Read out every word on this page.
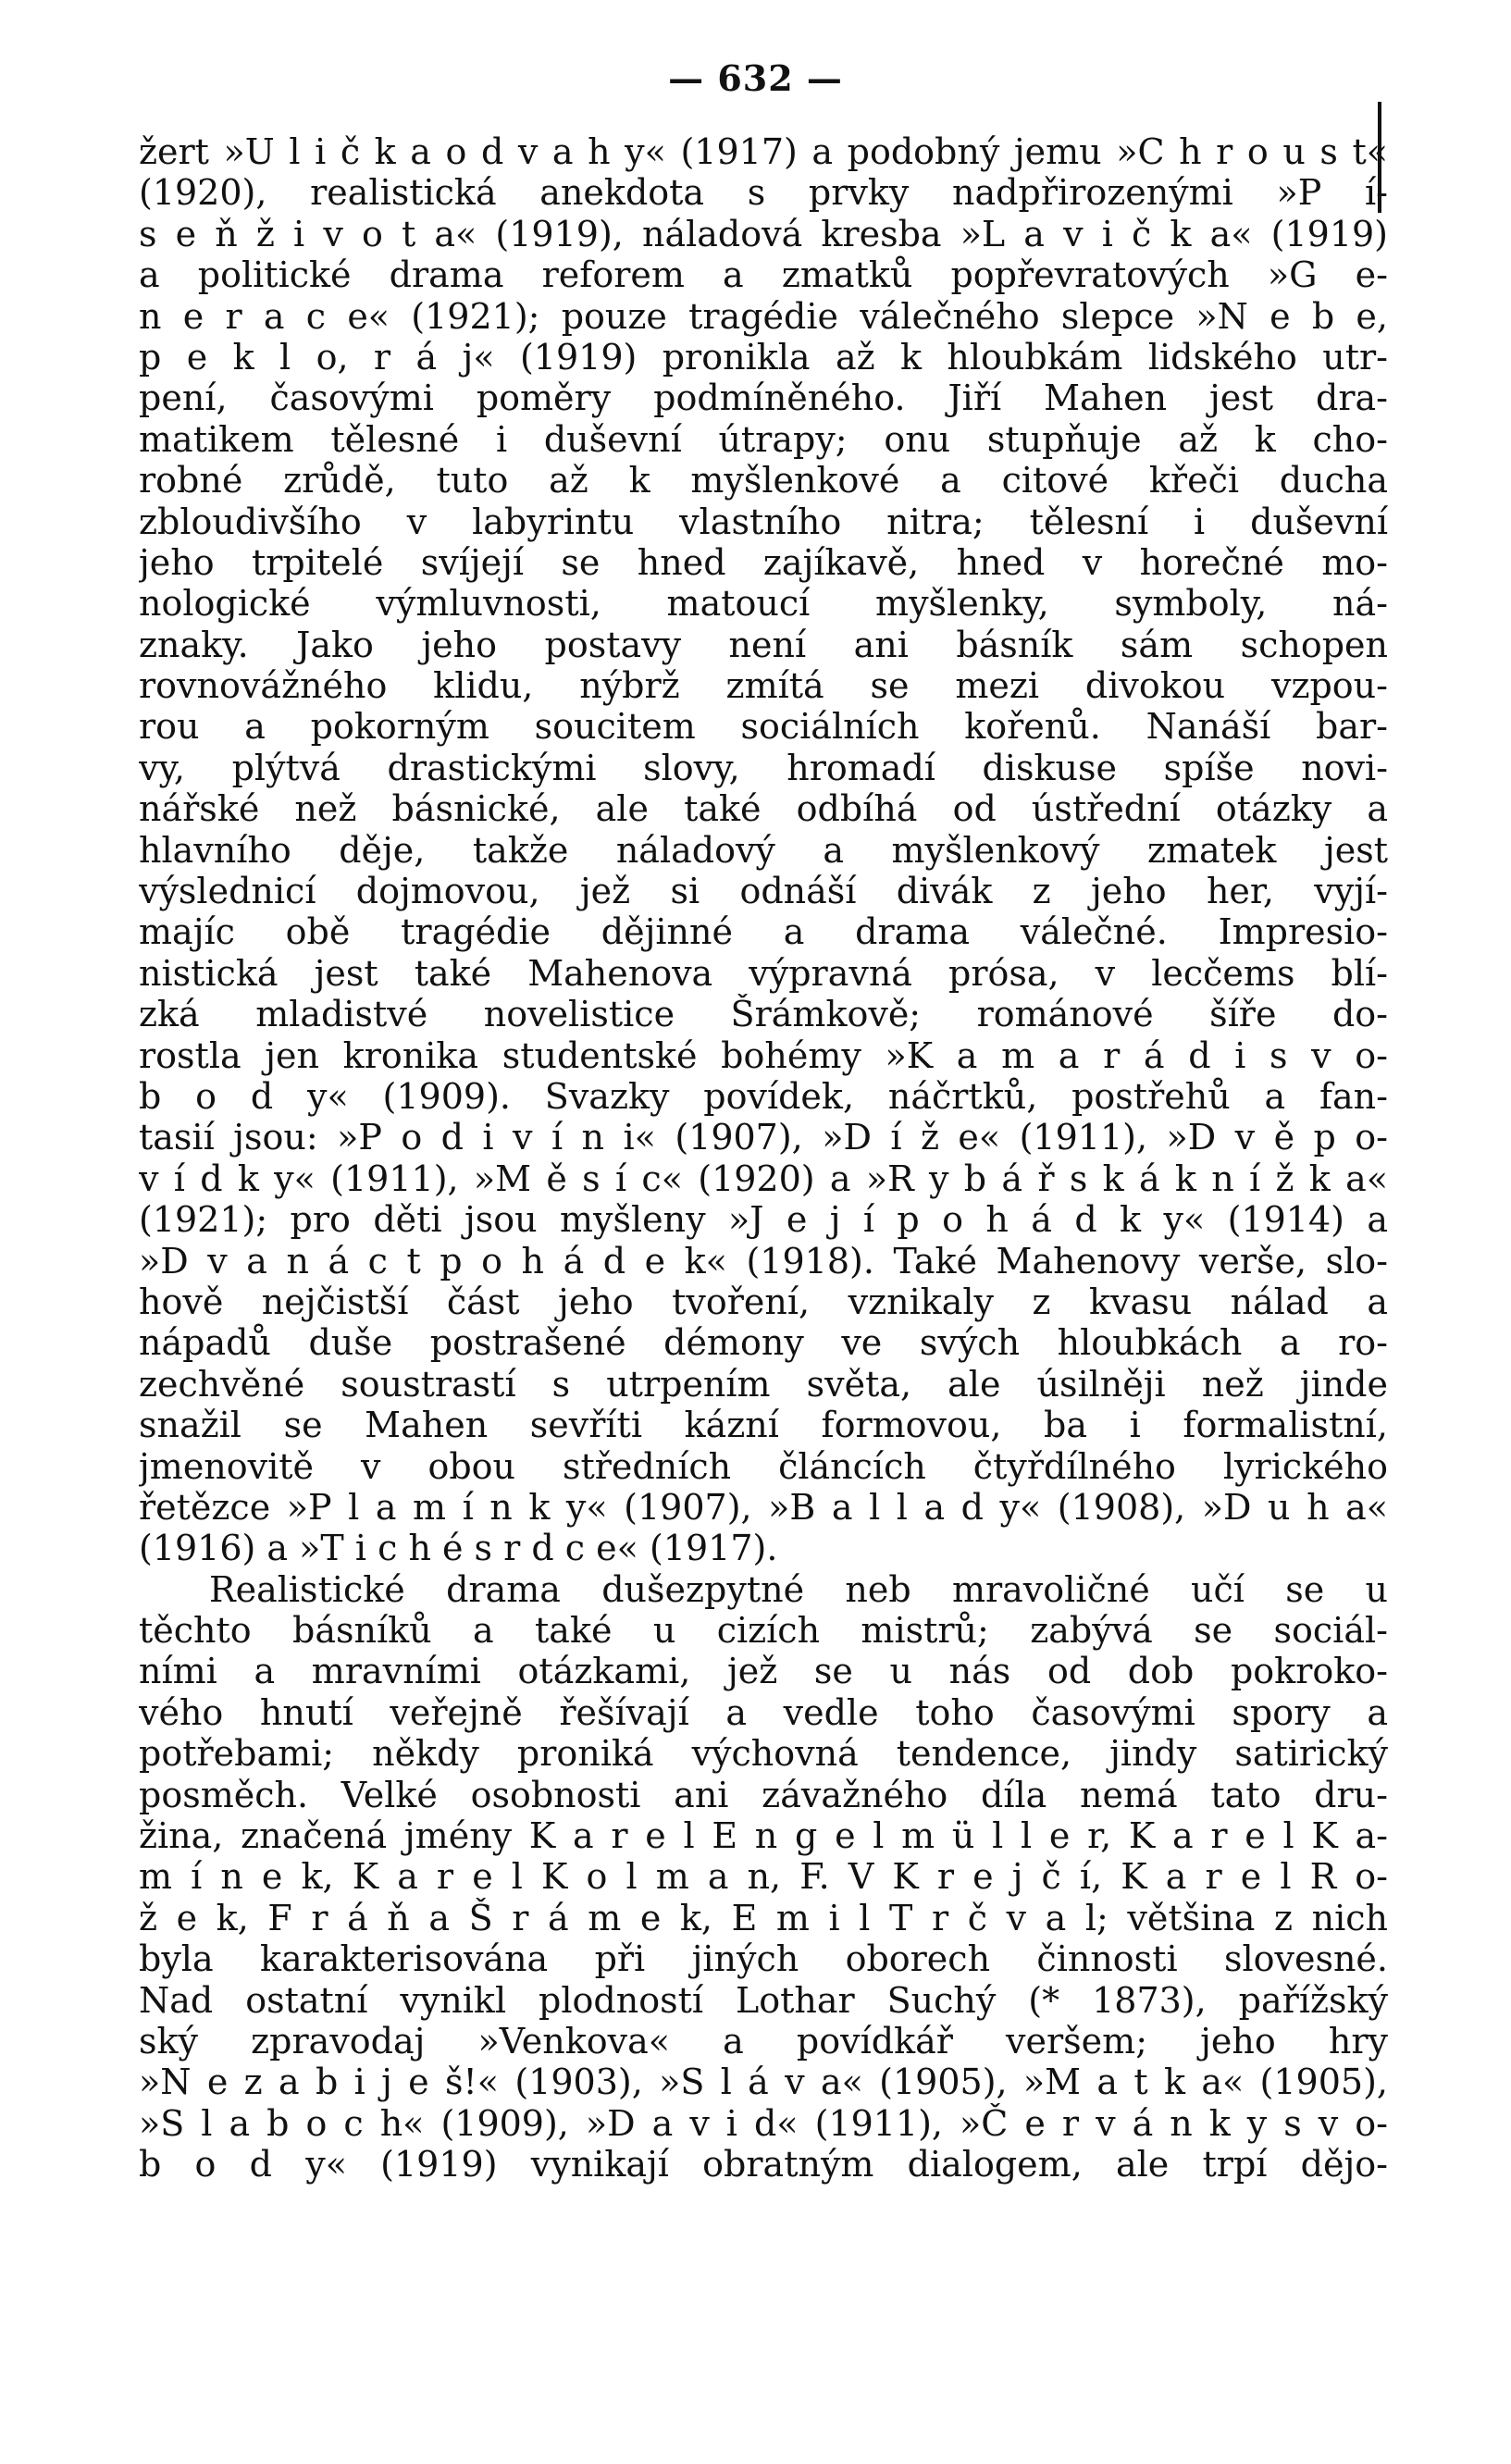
— 632 —
žert »U l i č k a o d v a h y« (1917) a podobný jemu »C h r o u s t«
(1920), realistická anekdota s prvky nadpřirozenými »P í-
s e ň ž i v o t a« (1919), náladová kresba »L a v i č k a« (1919)
a politické drama reforem a zmatků popřevratových »G e-
n e r a c e« (1921); pouze tragédie válečného slepce »N e b e,
p e k l o, r á j« (1919) pronikla až k hloubkám lidského utr-
pení, časovými poměry podmíněného. Jiří Mahen jest dra-
matikem tělesné i duševní útrapy; onu stupňuje až k cho-
robné zrůdě, tuto až k myšlenkové a citové křeči ducha
zbloudivšího v labyrintu vlastního nitra; tělesní i duševní
jeho trpitelé svíjejí se hned zajíkavě, hned v horečné mo-
nologické výmluvnosti, matoucí myšlenky, symboly, ná-
znaky. Jako jeho postavy není ani básník sám schopen
rovnovážného klidu, nýbrž zmítá se mezi divokou vzpou-
rou a pokorným soucitem sociálních kořenů. Nanáší bar-
vy, plýtvá drastickými slovy, hromadí diskuse spíše novi-
nářské než básnické, ale také odbíhá od ústřední otázky a
hlavního děje, takže náladový a myšlenkový zmatek jest
výslednicí dojmovou, jež si odnáší divák z jeho her, vyjí-
majíc obě tragédie dějinné a drama válečné. Impresio-
nistická jest také Mahenova výpravná prósa, v lecčems blí-
zká mladistvé novelistice Šrámkově; románové šíře do-
rostla jen kronika studentské bohémy »K a m a r á d i s v o-
b o d y« (1909). Svazky povídek, náčrtků, postřehů a fan-
tasií jsou: »P o d i v í n i« (1907), »D í ž e« (1911), »D v ě p o-
v í d k y« (1911), »M ě s í c« (1920) a »R y b á ř s k á k n í ž k a«
(1921); pro děti jsou myšleny »J e j í p o h á d k y« (1914) a
»D v a n á c t p o h á d e k« (1918). Také Mahenovy verše, slo-
hově nejčistší část jeho tvoření, vznikaly z kvasu nálad a
nápadů duše postrašené démony ve svých hloubkách a ro-
zechvěné soustrastí s utrpením světa, ale úsilněji než jinde
snažil se Mahen sevříti kázní formovou, ba i formalistní,
jmenovitě v obou středních článcích čtyřdílného lyrického
řetězce »P l a m í n k y« (1907), »B a l l a d y« (1908), »D u h a«
(1916) a »T i c h é s r d c e« (1917).
Realistické drama dušezpytné neb mravoličné učí se u
těchto básníků a také u cizích mistrů; zabývá se sociál-
ními a mravními otázkami, jež se u nás od dob pokroko-
vého hnutí veřejně řešívají a vedle toho časovými spory a
potřebami; někdy proniká výchovná tendence, jindy satirický
posměch. Velké osobnosti ani závažného díla nemá tato dru-
žina, značená jmény K a r e l E n g e l m ü l l e r, K a r e l K a-
m í n e k, K a r e l K o l m a n, F. V K r e j č í, K a r e l R o-
ž e k, F r á ň a Š r á m e k, E m i l T r č v a l; většina z nich
byla karakterisována při jiných oborech činnosti slovesné.
Nad ostatní vynikl plodností Lothar Suchý (* 1873), pařížský
ský zpravodaj »Venkova« a povídkář veršem; jeho hry
»N e z a b i j e š!« (1903), »S l á v a« (1905), »M a t k a« (1905),
»S l a b o c h« (1909), »D a v i d« (1911), »Č e r v á n k y s v o-
b o d y« (1919) vynikají obratným dialogem, ale trpí dějo-
